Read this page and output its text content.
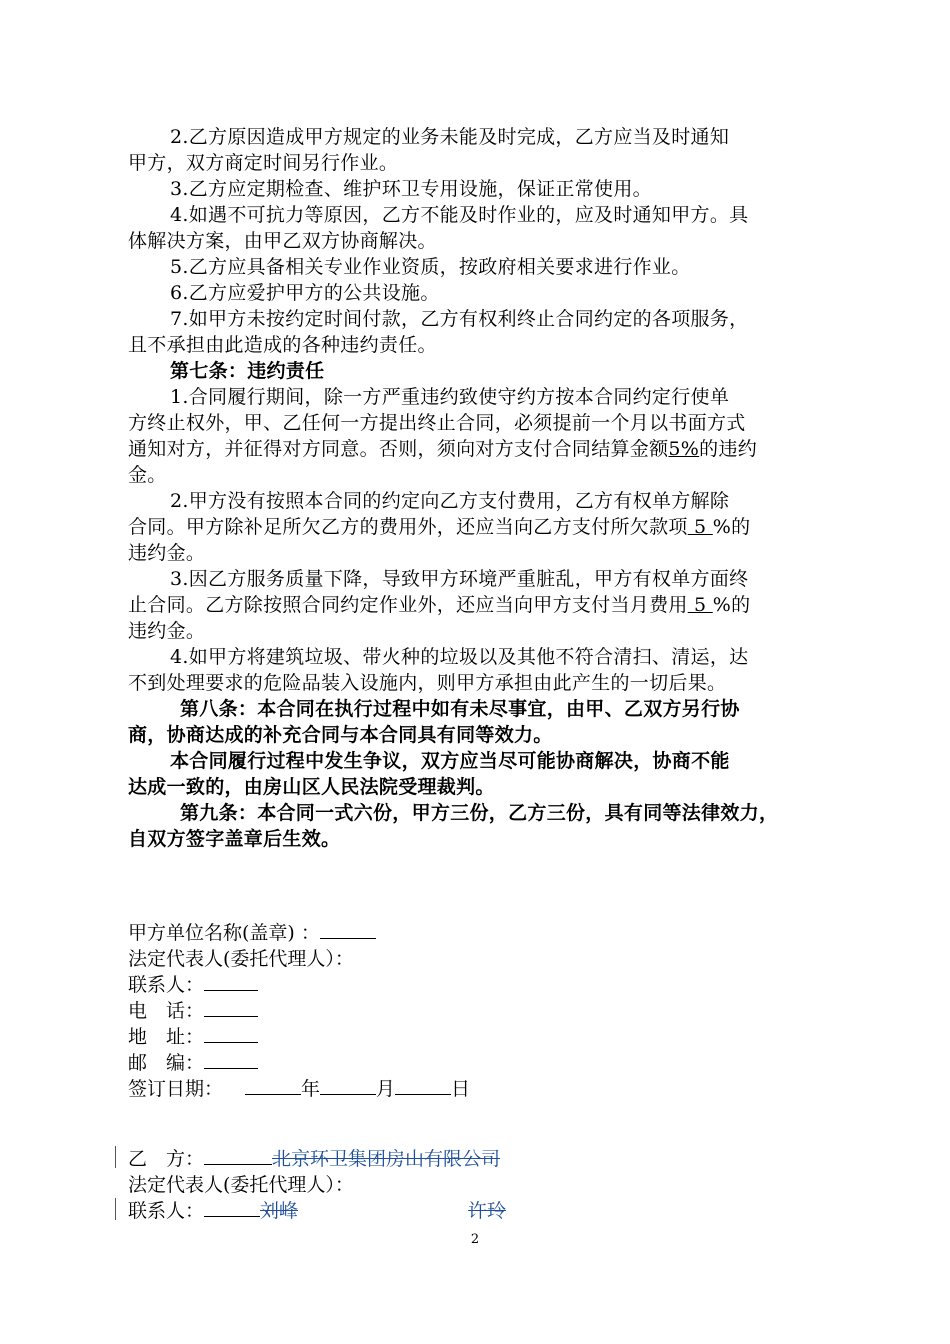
2.乙方原因造成甲方规定的业务未能及时完成，乙方应当及时通知
甲方，双方商定时间另行作业。
3.乙方应定期检查、维护环卫专用设施，保证正常使用。
4.如遇不可抗力等原因，乙方不能及时作业的，应及时通知甲方。具
体解决方案，由甲乙双方协商解决。
5.乙方应具备相关专业作业资质，按政府相关要求进行作业。
6.乙方应爱护甲方的公共设施。
7.如甲方未按约定时间付款，乙方有权利终止合同约定的各项服务，
且不承担由此造成的各种违约责任。
第七条：违约责任
1.合同履行期间，除一方严重违约致使守约方按本合同约定行使单
方终止权外，甲、乙任何一方提出终止合同，必须提前一个月以书面方式
通知对方，并征得对方同意。否则，须向对方支付合同结算金额5%的违约
金。
2.甲方没有按照本合同的约定向乙方支付费用，乙方有权单方解除
合同。甲方除补足所欠乙方的费用外，还应当向乙方支付所欠款项 5 %的
违约金。
3.因乙方服务质量下降，导致甲方环境严重脏乱，甲方有权单方面终
止合同。乙方除按照合同约定作业外，还应当向甲方支付当月费用 5 %的
违约金。
4.如甲方将建筑垃圾、带火种的垃圾以及其他不符合清扫、清运，达
不到处理要求的危险品装入设施内，则甲方承担由此产生的一切后果。
第八条：本合同在执行过程中如有未尽事宜，由甲、乙双方另行协
商，协商达成的补充合同与本合同具有同等效力。
本合同履行过程中发生争议，双方应当尽可能协商解决，协商不能
达成一致的，由房山区人民法院受理裁判。
第九条：本合同一式六份，甲方三份，乙方三份，具有同等法律效力，
自双方签字盖章后生效。
甲方单位名称(盖章) ：
法定代表人(委托代理人）：
联系人：
电　话：
地　址：
邮　编：
签订日期：	年	月	日
乙　方：	北京环卫集团房山有限公司
法定代表人(委托代理人）：
联系人：	刘峰	许玲
2
